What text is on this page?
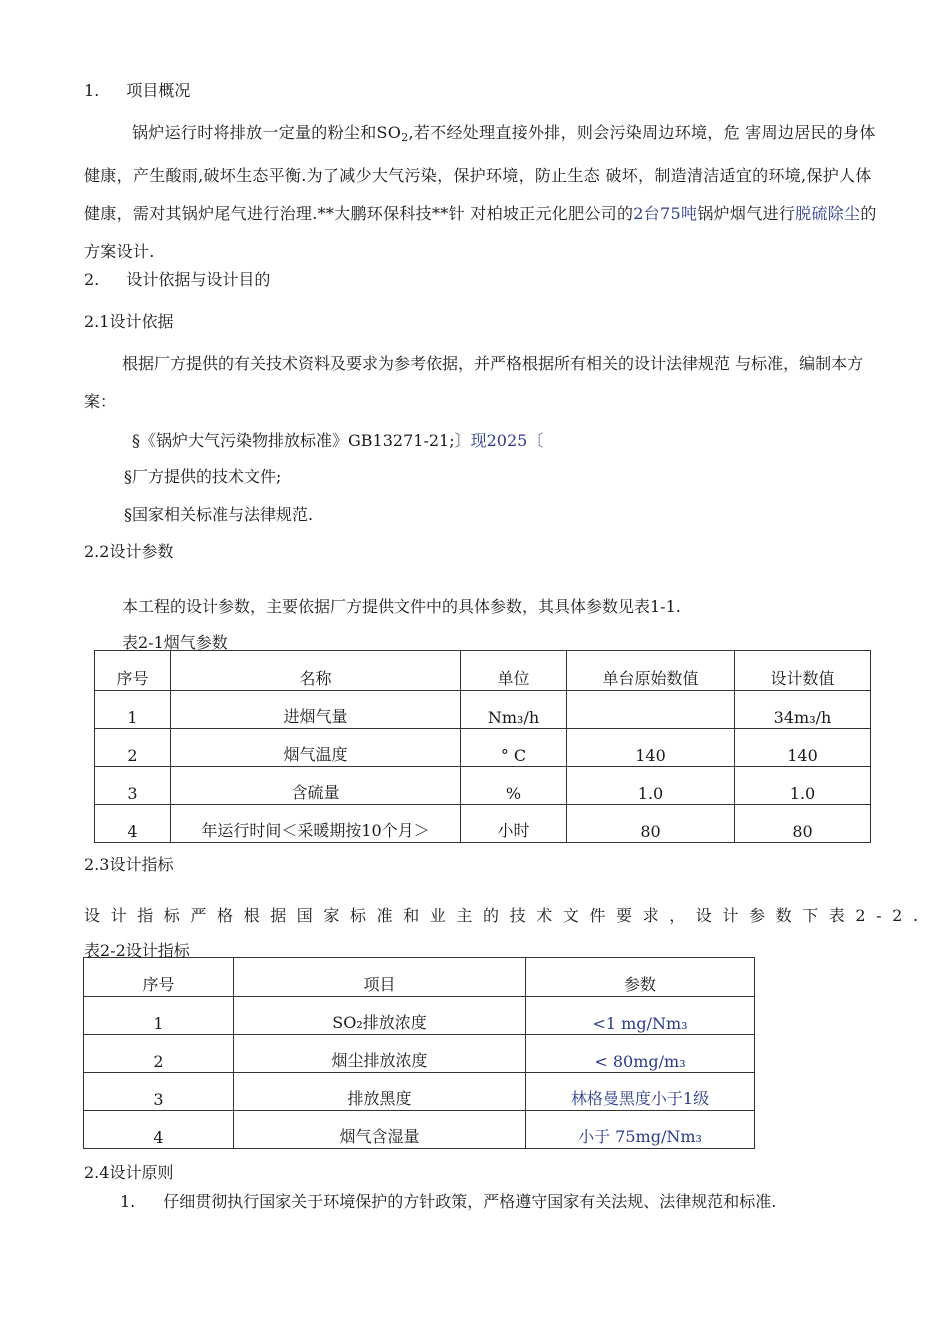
1. 项目概况
锅炉运行时将排放一定量的粉尘和$SO_2$,若不经处理直接外排，则会污染周边环境，危 害周边居民的身体健康，产生酸雨,破坏生态平衡.为了减少大气污染，保护环境，防止生态 破坏，制造清洁适宜的环境,保护人体健康，需对其锅炉尾气进行治理.**大鹏环保科技**针 对柏坡正元化肥公司的2台75吨锅炉烟气进行脱硫除尘的方案设计.
2. 设计依据与设计目的
2.1设计依据
根据厂方提供的有关技术资料及要求为参考依据，并严格根据所有相关的设计法律规范 与标准，编制本方案：
§《锅炉大气污染物排放标准》GB13271-21;〕现2025〔
§厂方提供的技术文件;
§国家相关标准与法律规范.
2.2设计参数
本工程的设计参数，主要依据厂方提供文件中的具体参数，其具体参数见表1-1.
表2-1烟气参数
序号	名称	单位	单台原始数值	设计数值
1	进烟气量	Nm₃/h		34m₃/h
2	烟气温度	° C	140	140
3	含硫量	%	1.0	1.0
4	年运行时间＜采暖期按10个月＞	小时	80	80
2.3设计指标
设计指标严格根据国家标准和业主的技术文件要求，设计参数下表2-2.
表2-2设计指标
序号	项目	参数
1	SO₂排放浓度	<1 mg/Nm₃
2	烟尘排放浓度	< 80mg/m₃
3	排放黑度	林格曼黑度小于1级
4	烟气含湿量	小于 75mg/Nm₃
2.4设计原则
1. 仔细贯彻执行国家关于环境保护的方针政策，严格遵守国家有关法规、法律规范和标准.
